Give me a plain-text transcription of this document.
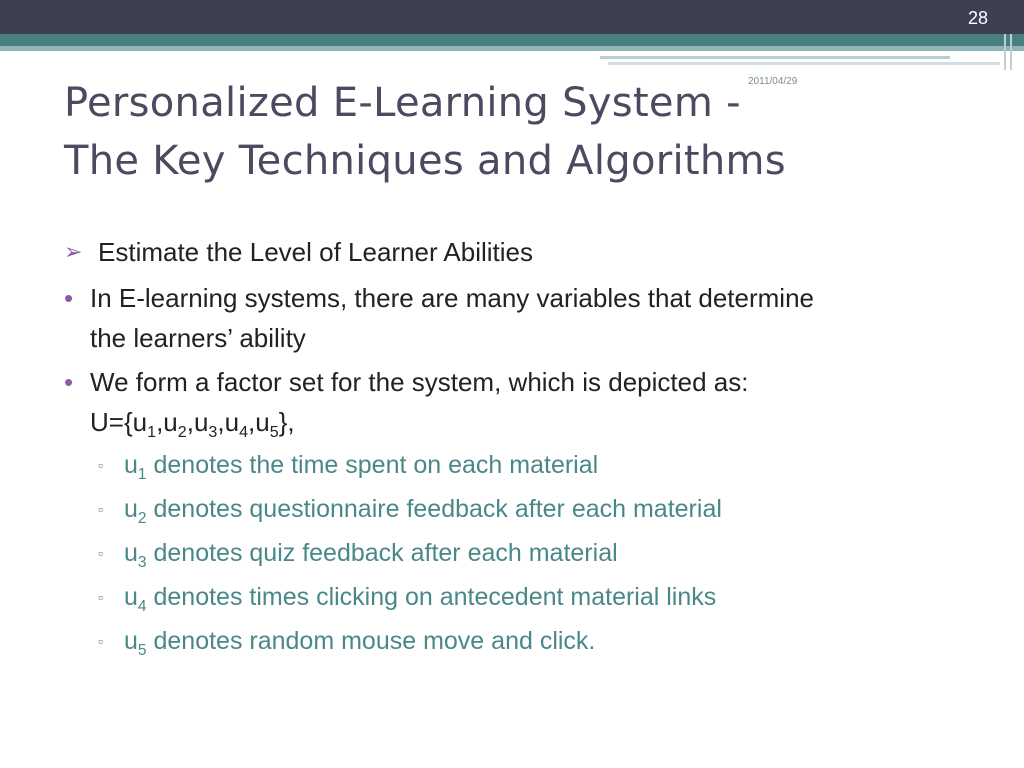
28
2011/04/29
Personalized E-Learning System -
The Key Techniques and Algorithms
➢ Estimate the Level of Learner Abilities
• In E-learning systems, there are many variables that determine
the learners’ ability
• We form a factor set for the system, which is depicted as:
$U=\{u_1,u_2,u_3,u_4,u_5\}$,
▫ $u_1$ denotes the time spent on each material
▫ $u_2$ denotes questionnaire feedback after each material
▫ $u_3$ denotes quiz feedback after each material
▫ $u_4$ denotes times clicking on antecedent material links
▫ $u_5$ denotes random mouse move and click.
